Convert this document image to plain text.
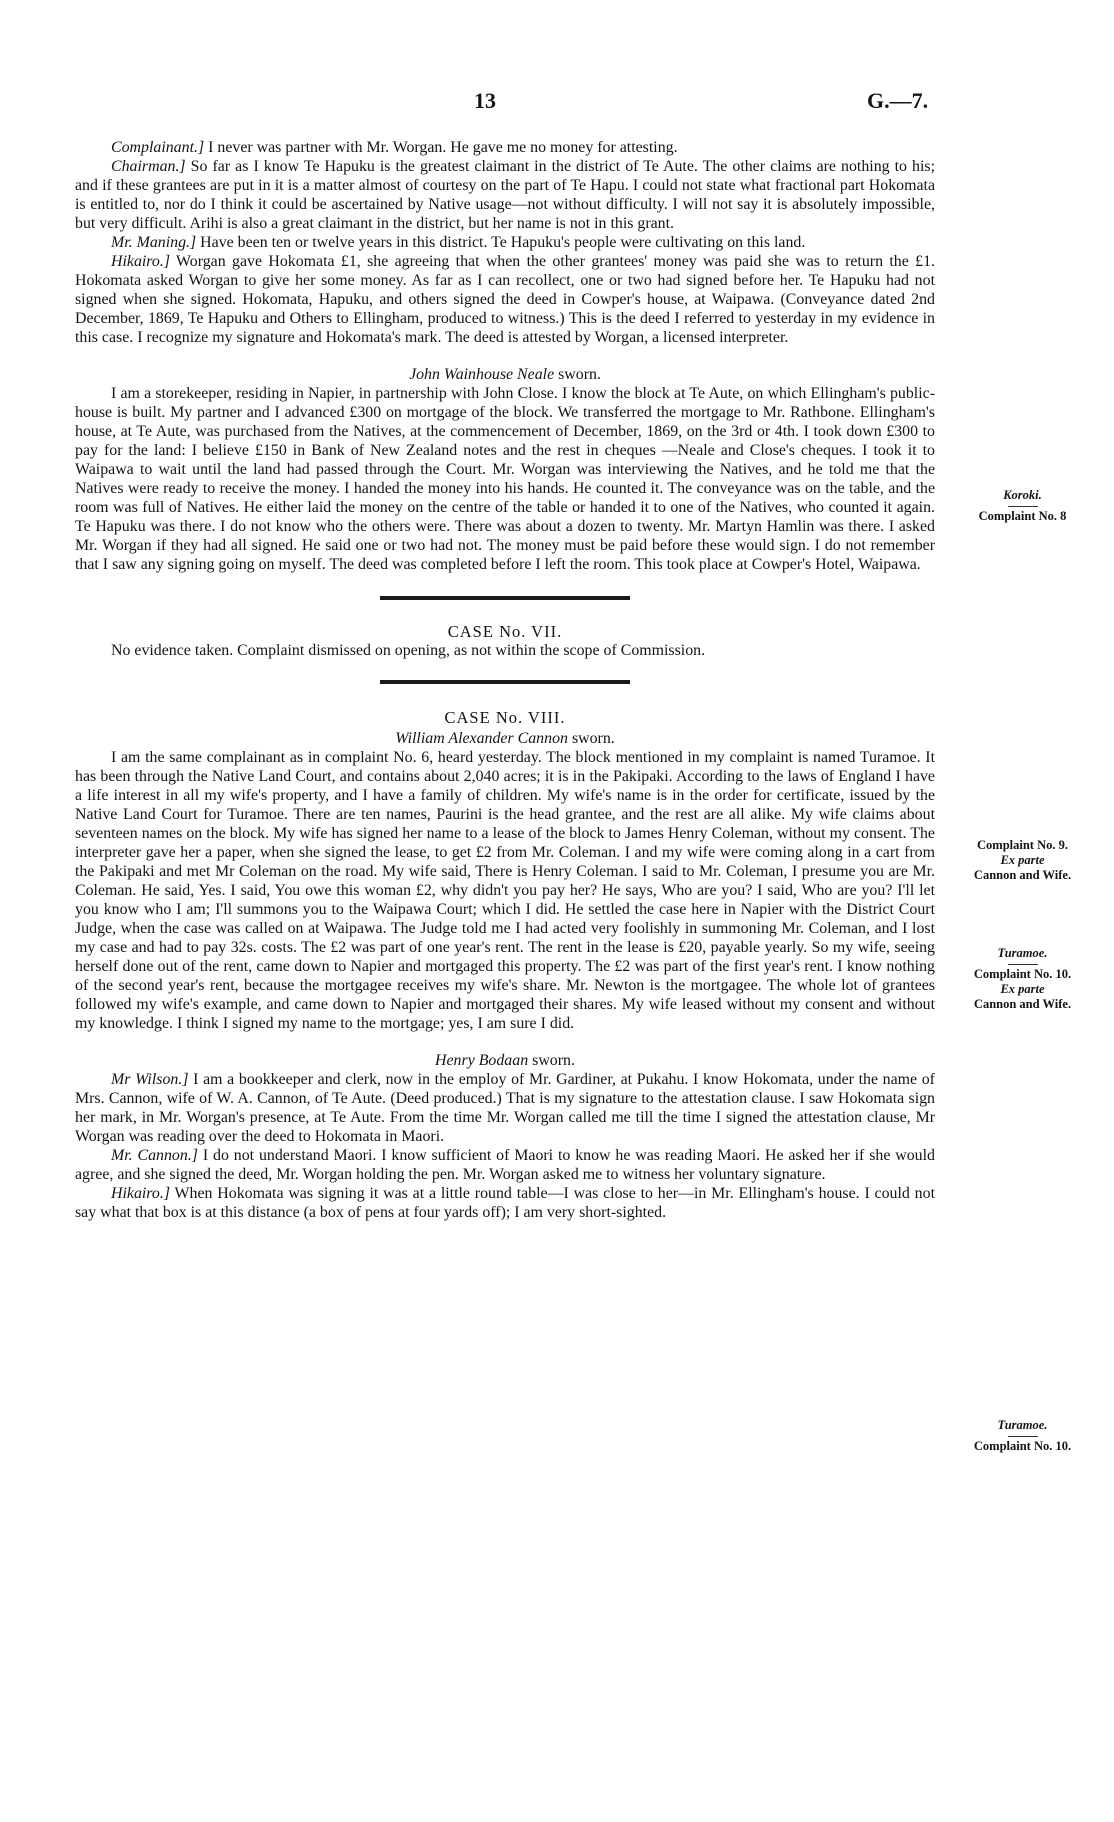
13	G.—7.

Complainant.] I never was partner with Mr. Worgan. He gave me no money for attesting.

Chairman.] So far as I know Te Hapuku is the greatest claimant in the district of Te Aute. The other claims are nothing to his; and if these grantees are put in it is a matter almost of courtesy on the part of Te Hapu. I could not state what fractional part Hokomata is entitled to, nor do I think it could be ascertained by Native usage—not without difficulty. I will not say it is absolutely impossible, but very difficult. Arihi is also a great claimant in the district, but her name is not in this grant.

Mr. Maning.] Have been ten or twelve years in this district. Te Hapuku's people were cultivating on this land.

Hikairo.] Worgan gave Hokomata £1, she agreeing that when the other grantees' money was paid she was to return the £1. Hokomata asked Worgan to give her some money. As far as I can recollect, one or two had signed before her. Te Hapuku had not signed when she signed. Hokomata, Hapuku, and others signed the deed in Cowper's house, at Waipawa. (Conveyance dated 2nd December, 1869, Te Hapuku and Others to Ellingham, produced to witness.) This is the deed I referred to yesterday in my evidence in this case. I recognize my signature and Hokomata's mark. The deed is attested by Worgan, a licensed interpreter.

John Wainhouse Neale sworn.

I am a storekeeper, residing in Napier, in partnership with John Close. I know the block at Te Aute, on which Ellingham's public-house is built. My partner and I advanced £300 on mortgage of the block. We transferred the mortgage to Mr. Rathbone. Ellingham's house, at Te Aute, was purchased from the Natives, at the commencement of December, 1869, on the 3rd or 4th. I took down £300 to pay for the land: I believe £150 in Bank of New Zealand notes and the rest in cheques —Neale and Close's cheques. I took it to Waipawa to wait until the land had passed through the Court. Mr. Worgan was interviewing the Natives, and he told me that the Natives were ready to receive the money. I handed the money into his hands. He counted it. The conveyance was on the table, and the room was full of Natives. He either laid the money on the centre of the table or handed it to one of the Natives, who counted it again. Te Hapuku was there. I do not know who the others were. There was about a dozen to twenty. Mr. Martyn Hamlin was there. I asked Mr. Worgan if they had all signed. He said one or two had not. The money must be paid before these would sign. I do not remember that I saw any signing going on myself. The deed was completed before I left the room. This took place at Cowper's Hotel, Waipawa.

CASE No. VII.

No evidence taken. Complaint dismissed on opening, as not within the scope of Commission.

CASE No. VIII.

William Alexander Cannon sworn.

I am the same complainant as in complaint No. 6, heard yesterday. The block mentioned in my complaint is named Turamoe. It has been through the Native Land Court, and contains about 2,040 acres; it is in the Pakipaki. According to the laws of England I have a life interest in all my wife's property, and I have a family of children. My wife's name is in the order for certificate, issued by the Native Land Court for Turamoe. There are ten names, Paurini is the head grantee, and the rest are all alike. My wife claims about seventeen names on the block. My wife has signed her name to a lease of the block to James Henry Coleman, without my consent. The interpreter gave her a paper, when she signed the lease, to get £2 from Mr. Coleman. I and my wife were coming along in a cart from the Pakipaki and met Mr Coleman on the road. My wife said, There is Henry Coleman. I said to Mr. Coleman, I presume you are Mr. Coleman. He said, Yes. I said, You owe this woman £2, why didn't you pay her? He says, Who are you? I said, Who are you? I'll let you know who I am; I'll summons you to the Waipawa Court; which I did. He settled the case here in Napier with the District Court Judge, when the case was called on at Waipawa. The Judge told me I had acted very foolishly in summoning Mr. Coleman, and I lost my case and had to pay 32s. costs. The £2 was part of one year's rent. The rent in the lease is £20, payable yearly. So my wife, seeing herself done out of the rent, came down to Napier and mortgaged this property. The £2 was part of the first year's rent. I know nothing of the second year's rent, because the mortgagee receives my wife's share. Mr. Newton is the mortgagee. The whole lot of grantees followed my wife's example, and came down to Napier and mortgaged their shares. My wife leased without my consent and without my knowledge. I think I signed my name to the mortgage; yes, I am sure I did.

Henry Bodaan sworn.

Mr Wilson.] I am a bookkeeper and clerk, now in the employ of Mr. Gardiner, at Pukahu. I know Hokomata, under the name of Mrs. Cannon, wife of W. A. Cannon, of Te Aute. (Deed produced.) That is my signature to the attestation clause. I saw Hokomata sign her mark, in Mr. Worgan's presence, at Te Aute. From the time Mr. Worgan called me till the time I signed the attestation clause, Mr Worgan was reading over the deed to Hokomata in Maori.

Mr. Cannon.] I do not understand Maori. I know sufficient of Maori to know he was reading Maori. He asked her if she would agree, and she signed the deed, Mr. Worgan holding the pen. Mr. Worgan asked me to witness her voluntary signature.

Hikairo.] When Hokomata was signing it was at a little round table—I was close to her—in Mr. Ellingham's house. I could not say what that box is at this distance (a box of pens at four yards off); I am very short-sighted.

Koroki.
Complaint No. 8
Complaint No. 9.
Ex parte
Cannon and Wife.
Turamoe.
Complaint No. 10.
Ex parte
Cannon and Wife.
Turamoe.
Complaint No. 10.
